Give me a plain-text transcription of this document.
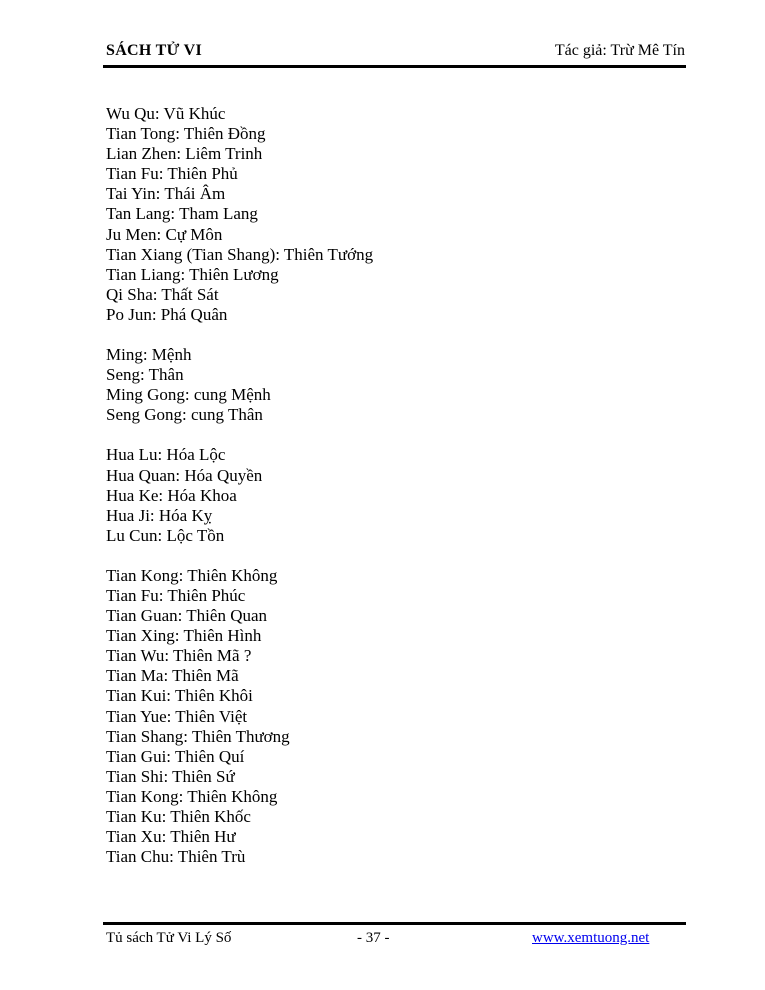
SÁCH TỬ VI	Tác giả: Trừ Mê Tín
Wu Qu: Vũ Khúc
Tian Tong: Thiên Đồng
Lian Zhen: Liêm Trinh
Tian Fu: Thiên Phủ
Tai Yin: Thái Âm
Tan Lang: Tham Lang
Ju Men: Cự Môn
Tian Xiang (Tian Shang): Thiên Tướng
Tian Liang: Thiên Lương
Qi Sha: Thất Sát
Po Jun: Phá Quân
Ming: Mệnh
Seng: Thân
Ming Gong: cung Mệnh
Seng Gong: cung Thân
Hua Lu: Hóa Lộc
Hua Quan: Hóa Quyền
Hua Ke: Hóa Khoa
Hua Ji: Hóa Kỵ
Lu Cun: Lộc Tồn
Tian Kong: Thiên Không
Tian Fu: Thiên Phúc
Tian Guan: Thiên Quan
Tian Xing: Thiên Hình
Tian Wu: Thiên Mã ?
Tian Ma: Thiên Mã
Tian Kui: Thiên Khôi
Tian Yue: Thiên Việt
Tian Shang: Thiên Thương
Tian Gui: Thiên Quí
Tian Shi: Thiên Sứ
Tian Kong: Thiên Không
Tian Ku: Thiên Khốc
Tian Xu: Thiên Hư
Tian Chu: Thiên Trù
Tủ sách Tử Vi Lý Số	- 37 -	www.xemtuong.net
